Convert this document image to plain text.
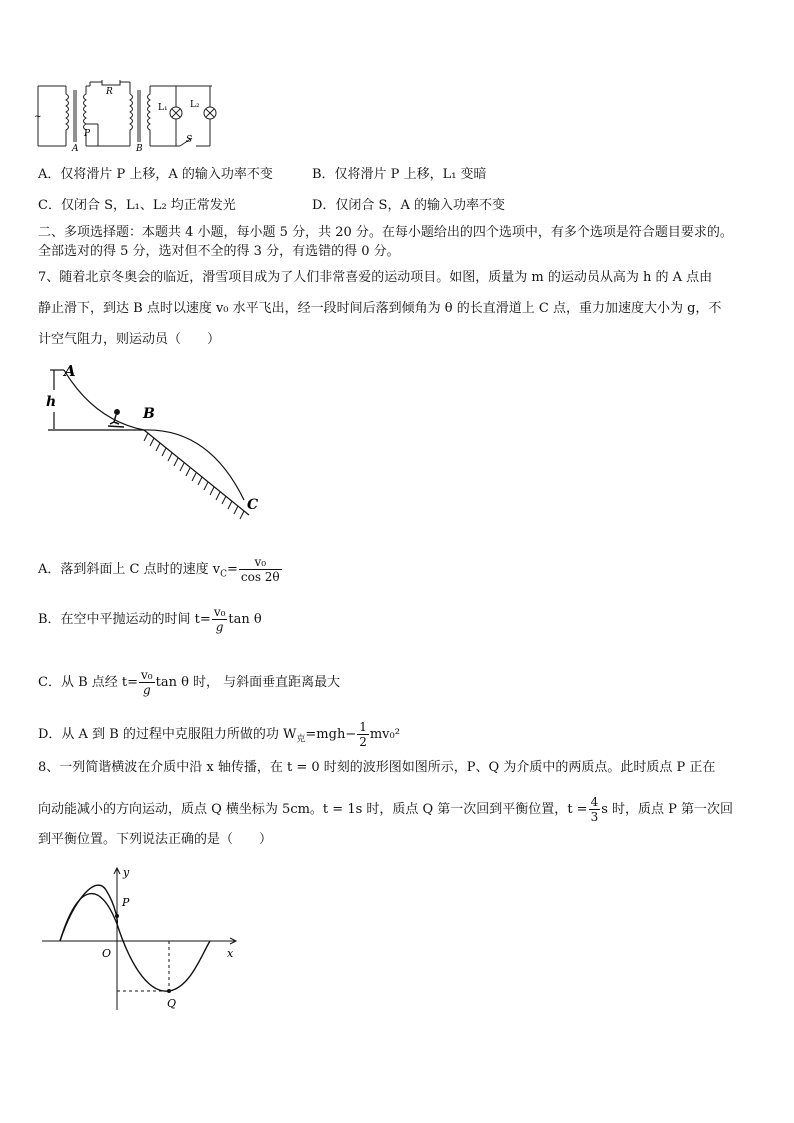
~
R
P
A	B
L₁ L₂
S
A．仅将滑片 P 上移，A 的输入功率不变	B．仅将滑片 P 上移，L₁ 变暗
C．仅闭合 S，L₁、L₂ 均正常发光	D．仅闭合 S，A 的输入功率不变
二、多项选择题：本题共 4 小题，每小题 5 分，共 20 分。在每小题给出的四个选项中，有多个选项是符合题目要求的。
全部选对的得 5 分，选对但不全的得 3 分，有选错的得 0 分。
7、随着北京冬奥会的临近，滑雪项目成为了人们非常喜爱的运动项目。如图，质量为 m 的运动员从高为 h 的 A 点由
静止滑下，到达 B 点时以速度 v₀ 水平飞出，经一段时间后落到倾角为 θ 的长直滑道上 C 点，重力加速度大小为 g，不
计空气阻力，则运动员（　　）
A
h
B
C
A．落到斜面上 C 点时的速度 $v_C= \frac{\text{v₀}}{\cos 2\theta}$
B．在空中平抛运动的时间 $t= \frac{\text{v₀}}{g}$ tan θ
C．从 B 点经 $t= \frac{\text{v₀}}{g}$ tan θ 时， 与斜面垂直距离最大
D．从 A 到 B 的过程中克服阻力所做的功 $W_克=mgh- \frac{1}{2} mv_0^2$
8、一列简谐横波在介质中沿 x 轴传播，在 t = 0 时刻的波形图如图所示，P、Q 为介质中的两质点。此时质点 P 正在
向动能减小的方向运动，质点 Q 横坐标为 5cm。t = 1s 时，质点 Q 第一次回到平衡位置，$t = \frac{4}{3}$ s 时，质点 P 第一次回
到平衡位置。下列说法正确的是（　　）
y
x
O
P
Q
